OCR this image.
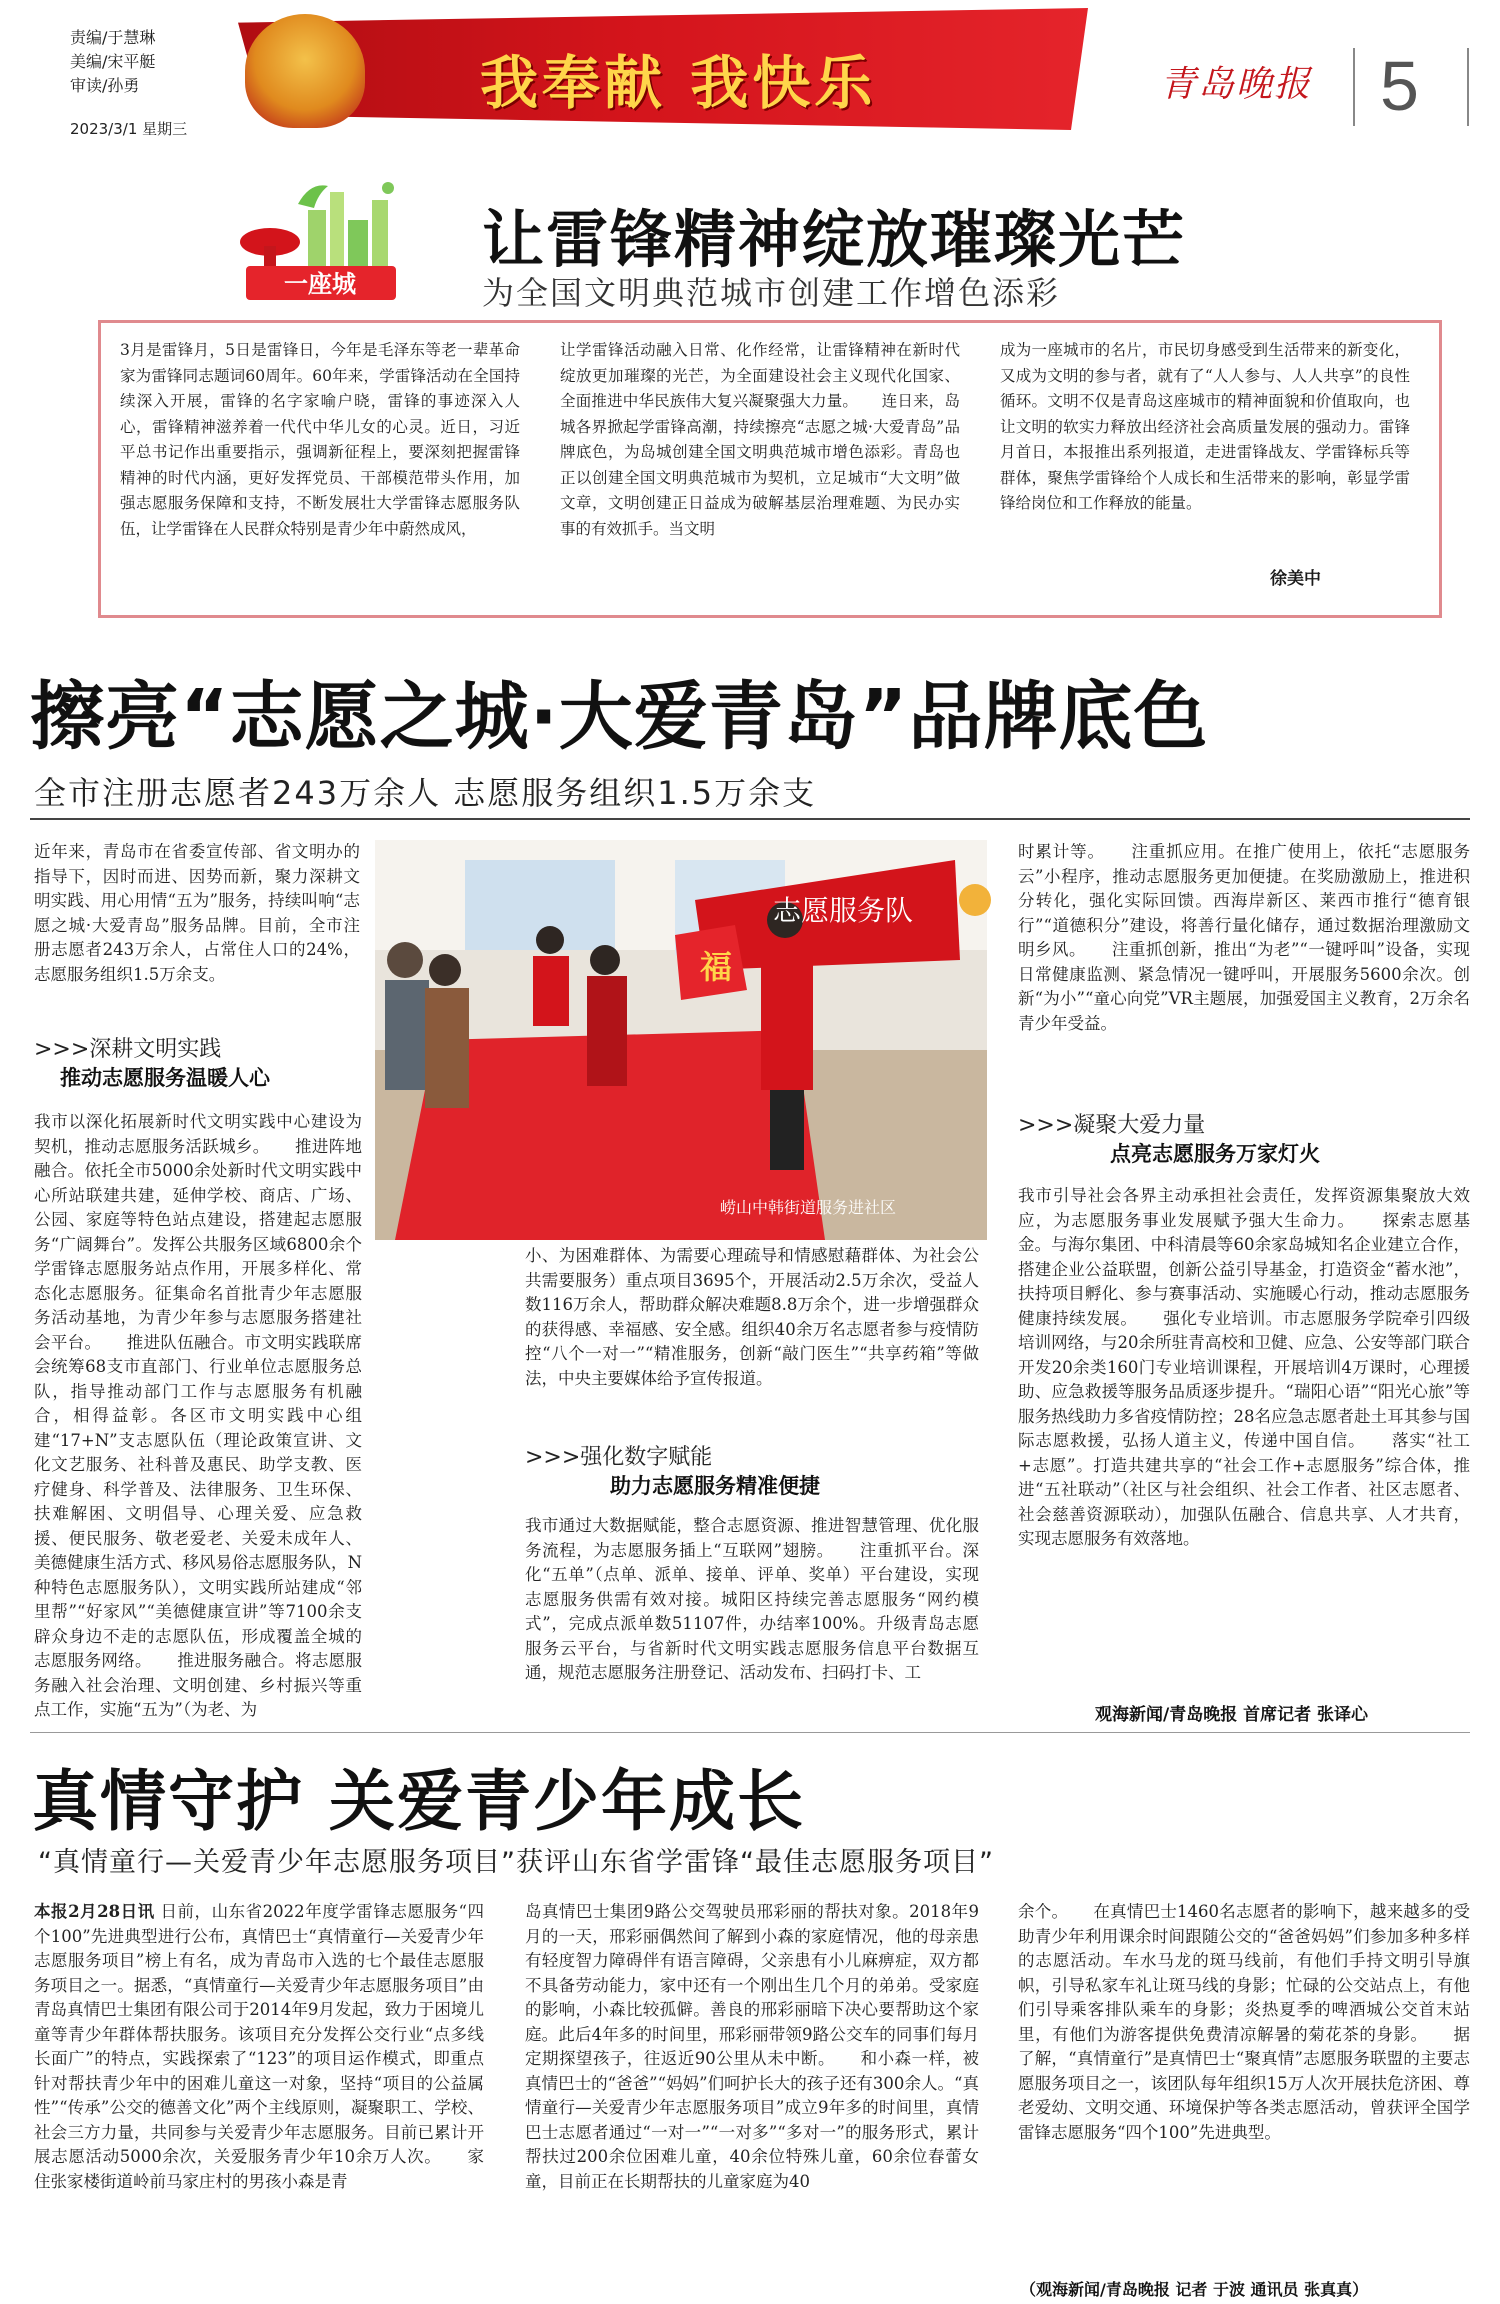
责编/于慧琳
美编/宋平艇
审读/孙勇
2023/3/1 星期三
我奉献 我快乐	青岛晚报 5
一座城
让雷锋精神绽放璀璨光芒
为全国文明典范城市创建工作增色添彩
3月是雷锋月，5日是雷锋日，今年是毛泽东等老一辈革命家为雷锋同志题词60周年。60年来，学雷锋活动在全国持续深入开展，雷锋的名字家喻户晓，雷锋的事迹深入人心，雷锋精神滋养着一代代中华儿女的心灵。近日，习近平总书记作出重要指示，强调新征程上，要深刻把握雷锋精神的时代内涵，更好发挥党员、干部模范带头作用，加强志愿服务保障和支持，不断发展壮大学雷锋志愿服务队伍，让学雷锋在人民群众特别是青少年中蔚然成风，
让学雷锋活动融入日常、化作经常，让雷锋精神在新时代绽放更加璀璨的光芒，为全面建设社会主义现代化国家、全面推进中华民族伟大复兴凝聚强大力量。　　连日来，岛城各界掀起学雷锋高潮，持续擦亮“志愿之城·大爱青岛”品牌底色，为岛城创建全国文明典范城市增色添彩。青岛也正以创建全国文明典范城市为契机，立足城市“大文明”做文章，文明创建正日益成为破解基层治理难题、为民办实事的有效抓手。当文明
成为一座城市的名片，市民切身感受到生活带来的新变化，又成为文明的参与者，就有了“人人参与、人人共享”的良性循环。文明不仅是青岛这座城市的精神面貌和价值取向，也让文明的软实力释放出经济社会高质量发展的强动力。雷锋月首日，本报推出系列报道，走进雷锋战友、学雷锋标兵等群体，聚焦学雷锋给个人成长和生活带来的影响，彰显学雷锋给岗位和工作释放的能量。
徐美中
擦亮“志愿之城·大爱青岛”品牌底色
全市注册志愿者243万余人 志愿服务组织1.5万余支
近年来，青岛市在省委宣传部、省文明办的指导下，因时而进、因势而新，聚力深耕文明实践、用心用情“五为”服务，持续叫响“志愿之城·大爱青岛”服务品牌。目前，全市注册志愿者243万余人，占常住人口的24%，志愿服务组织1.5万余支。
志愿服务队
福
崂山中韩街道服务进社区
>>>深耕文明实践
推动志愿服务温暖人心
我市以深化拓展新时代文明实践中心建设为契机，推动志愿服务活跃城乡。　　推进阵地融合。依托全市5000余处新时代文明实践中心所站联建共建，延伸学校、商店、广场、公园、家庭等特色站点建设，搭建起志愿服务“广阔舞台”。发挥公共服务区域6800余个学雷锋志愿服务站点作用，开展多样化、常态化志愿服务。征集命名首批青少年志愿服务活动基地，为青少年参与志愿服务搭建社会平台。　　推进队伍融合。市文明实践联席会统筹68支市直部门、行业单位志愿服务总队，指导推动部门工作与志愿服务有机融合，相得益彰。各区市文明实践中心组建“17+N”支志愿队伍（理论政策宣讲、文化文艺服务、社科普及惠民、助学支教、医疗健身、科学普及、法律服务、卫生环保、扶难解困、文明倡导、心理关爱、应急救援、便民服务、敬老爱老、关爱未成年人、美德健康生活方式、移风易俗志愿服务队，N种特色志愿服务队），文明实践所站建成“邻里帮”“好家风”“美德健康宣讲”等7100余支辟众身边不走的志愿队伍，形成覆盖全城的志愿服务网络。　　推进服务融合。将志愿服务融入社会治理、文明创建、乡村振兴等重点工作，实施“五为”（为老、为
小、为困难群体、为需要心理疏导和情感慰藉群体、为社会公共需要服务）重点项目3695个，开展活动2.5万余次，受益人数116万余人，帮助群众解决难题8.8万余个，进一步增强群众的获得感、幸福感、安全感。组织40余万名志愿者参与疫情防控“八个一对一”“精准服务，创新“敲门医生”“共享药箱”等做法，中央主要媒体给予宣传报道。
>>>强化数字赋能
助力志愿服务精准便捷
我市通过大数据赋能，整合志愿资源、推进智慧管理、优化服务流程，为志愿服务插上“互联网”翅膀。　　注重抓平台。深化“五单”（点单、派单、接单、评单、奖单）平台建设，实现志愿服务供需有效对接。城阳区持续完善志愿服务“网约模式”，完成点派单数51107件，办结率100%。升级青岛志愿服务云平台，与省新时代文明实践志愿服务信息平台数据互通，规范志愿服务注册登记、活动发布、扫码打卡、工
时累计等。　　注重抓应用。在推广使用上，依托“志愿服务云”小程序，推动志愿服务更加便捷。在奖励激励上，推进积分转化，强化实际回馈。西海岸新区、莱西市推行“德育银行”“道德积分”建设，将善行量化储存，通过数据治理激励文明乡风。　　注重抓创新，推出“为老”“一键呼叫”设备，实现日常健康监测、紧急情况一键呼叫，开展服务5600余次。创新“为小”“童心向党”VR主题展，加强爱国主义教育，2万余名青少年受益。
>>>凝聚大爱力量
点亮志愿服务万家灯火
我市引导社会各界主动承担社会责任，发挥资源集聚放大效应，为志愿服务事业发展赋予强大生命力。　　探索志愿基金。与海尔集团、中科清晨等60余家岛城知名企业建立合作，搭建企业公益联盟，创新公益引导基金，打造资金“蓄水池”，扶持项目孵化、参与赛事活动、实施暖心行动，推动志愿服务健康持续发展。　　强化专业培训。市志愿服务学院牵引四级培训网络，与20余所驻青高校和卫健、应急、公安等部门联合开发20余类160门专业培训课程，开展培训4万课时，心理援助、应急救援等服务品质逐步提升。“瑞阳心语”“阳光心旅”等服务热线助力多省疫情防控；28名应急志愿者赴土耳其参与国际志愿救援，弘扬人道主义，传递中国自信。　　落实“社工+志愿”。打造共建共享的“社会工作+志愿服务”综合体，推进“五社联动”（社区与社会组织、社会工作者、社区志愿者、社会慈善资源联动），加强队伍融合、信息共享、人才共育，实现志愿服务有效落地。
观海新闻/青岛晚报 首席记者 张译心
真情守护 关爱青少年成长
“真情童行—关爱青少年志愿服务项目”获评山东省学雷锋“最佳志愿服务项目”
本报2月28日讯 日前，山东省2022年度学雷锋志愿服务“四个100”先进典型进行公布，真情巴士“真情童行—关爱青少年志愿服务项目”榜上有名，成为青岛市入选的七个最佳志愿服务项目之一。据悉，“真情童行—关爱青少年志愿服务项目”由青岛真情巴士集团有限公司于2014年9月发起，致力于困境儿童等青少年群体帮扶服务。该项目充分发挥公交行业“点多线长面广”的特点，实践探索了“123”的项目运作模式，即重点针对帮扶青少年中的困难儿童这一对象，坚持“项目的公益属性”“传承”公交的德善文化”两个主线原则，凝聚职工、学校、社会三方力量，共同参与关爱青少年志愿服务。目前已累计开展志愿活动5000余次，关爱服务青少年10余万人次。　　家住张家楼街道岭前马家庄村的男孩小森是青
岛真情巴士集团9路公交驾驶员邢彩丽的帮扶对象。2018年9月的一天，邢彩丽偶然间了解到小森的家庭情况，他的母亲患有轻度智力障碍伴有语言障碍，父亲患有小儿麻痹症，双方都不具备劳动能力，家中还有一个刚出生几个月的弟弟。受家庭的影响，小森比较孤僻。善良的邢彩丽暗下决心要帮助这个家庭。此后4年多的时间里，邢彩丽带领9路公交车的同事们每月定期探望孩子，往返近90公里从未中断。　　和小森一样，被真情巴士的“爸爸”“妈妈”们呵护长大的孩子还有300余人。“真情童行—关爱青少年志愿服务项目”成立9年多的时间里，真情巴士志愿者通过“一对一”“一对多”“多对一”的服务形式，累计帮扶过200余位困难儿童，40余位特殊儿童，60余位春蕾女童，目前正在长期帮扶的儿童家庭为40
余个。　　在真情巴士1460名志愿者的影响下，越来越多的受助青少年利用课余时间跟随公交的“爸爸妈妈”们参加多种多样的志愿活动。车水马龙的斑马线前，有他们手持文明引导旗帜，引导私家车礼让斑马线的身影；忙碌的公交站点上，有他们引导乘客排队乘车的身影；炎热夏季的啤酒城公交首末站里，有他们为游客提供免费清凉解暑的菊花茶的身影。　　据了解，“真情童行”是真情巴士“聚真情”志愿服务联盟的主要志愿服务项目之一，该团队每年组织15万人次开展扶危济困、尊老爱幼、文明交通、环境保护等各类志愿活动，曾获评全国学雷锋志愿服务“四个100”先进典型。
（观海新闻/青岛晚报 记者 于波 通讯员 张真真）
